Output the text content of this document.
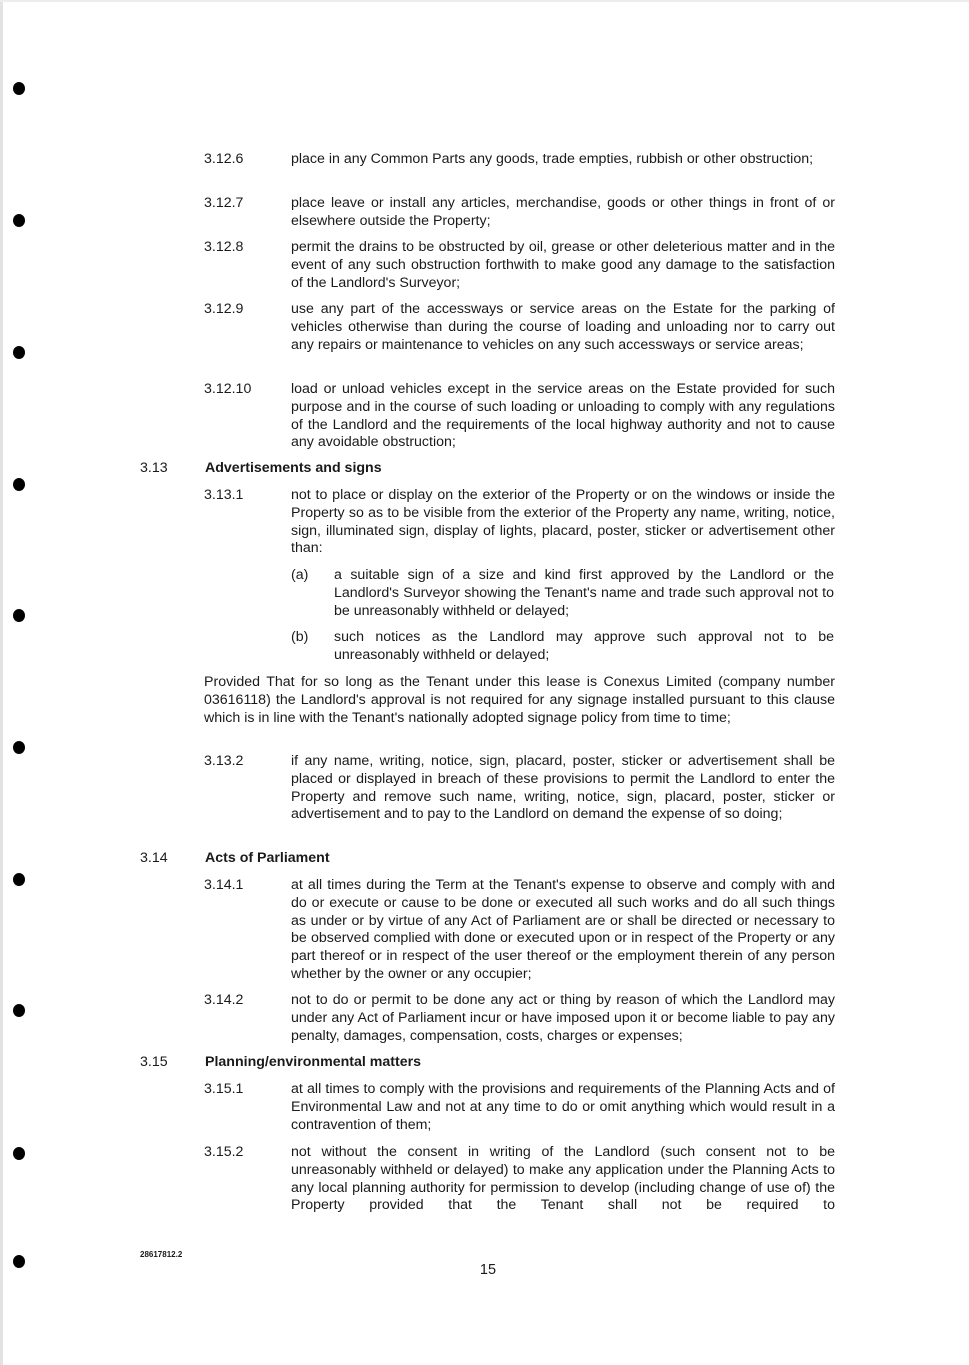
3.12.6	place in any Common Parts any goods, trade empties, rubbish or other obstruction;
3.12.7	place leave or install any articles, merchandise, goods or other things in front of or elsewhere outside the Property;
3.12.8	permit the drains to be obstructed by oil, grease or other deleterious matter and in the event of any such obstruction forthwith to make good any damage to the satisfaction of the Landlord's Surveyor;
3.12.9	use any part of the accessways or service areas on the Estate for the parking of vehicles otherwise than during the course of loading and unloading nor to carry out any repairs or maintenance to vehicles on any such accessways or service areas;
3.12.10	load or unload vehicles except in the service areas on the Estate provided for such purpose and in the course of such loading or unloading to comply with any regulations of the Landlord and the requirements of the local highway authority and not to cause any avoidable obstruction;
3.13	Advertisements and signs
3.13.1	not to place or display on the exterior of the Property or on the windows or inside the Property so as to be visible from the exterior of the Property any name, writing, notice, sign, illuminated sign, display of lights, placard, poster, sticker or advertisement other than:
(a) a suitable sign of a size and kind first approved by the Landlord or the Landlord's Surveyor showing the Tenant's name and trade such approval not to be unreasonably withheld or delayed;
(b) such notices as the Landlord may approve such approval not to be unreasonably withheld or delayed;
Provided That for so long as the Tenant under this lease is Conexus Limited (company number 03616118) the Landlord's approval is not required for any signage installed pursuant to this clause which is in line with the Tenant's nationally adopted signage policy from time to time;
3.13.2	if any name, writing, notice, sign, placard, poster, sticker or advertisement shall be placed or displayed in breach of these provisions to permit the Landlord to enter the Property and remove such name, writing, notice, sign, placard, poster, sticker or advertisement and to pay to the Landlord on demand the expense of so doing;
3.14	Acts of Parliament
3.14.1	at all times during the Term at the Tenant's expense to observe and comply with and do or execute or cause to be done or executed all such works and do all such things as under or by virtue of any Act of Parliament are or shall be directed or necessary to be observed complied with done or executed upon or in respect of the Property or any part thereof or in respect of the user thereof or the employment therein of any person whether by the owner or any occupier;
3.14.2	not to do or permit to be done any act or thing by reason of which the Landlord may under any Act of Parliament incur or have imposed upon it or become liable to pay any penalty, damages, compensation, costs, charges or expenses;
3.15	Planning/environmental matters
3.15.1	at all times to comply with the provisions and requirements of the Planning Acts and of Environmental Law and not at any time to do or omit anything which would result in a contravention of them;
3.15.2	not without the consent in writing of the Landlord (such consent not to be unreasonably withheld or delayed) to make any application under the Planning Acts to any local planning authority for permission to develop (including change of use of) the Property provided that the Tenant shall not be required to
28617812.2
15
